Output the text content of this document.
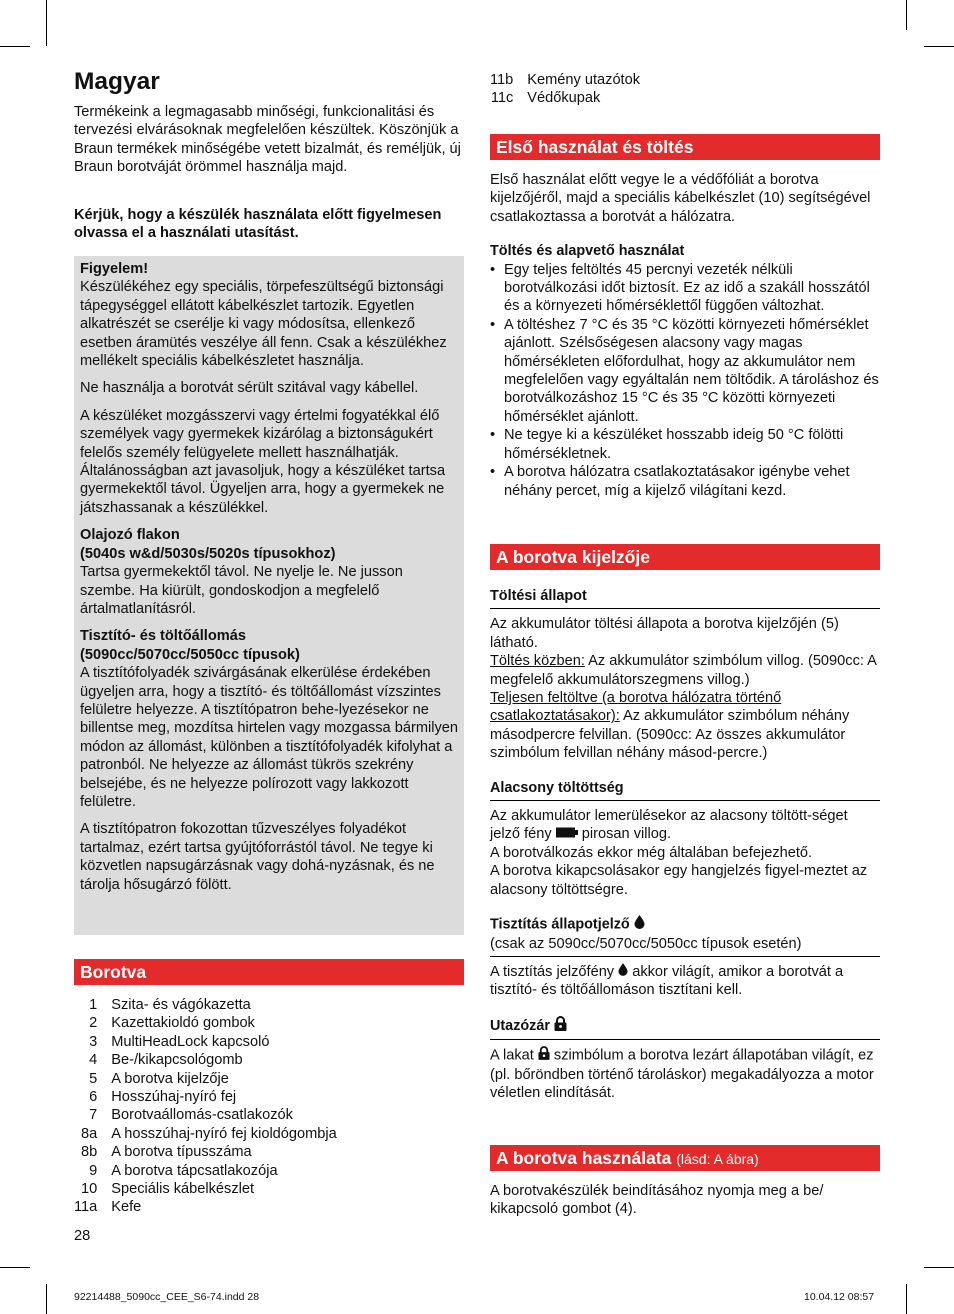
Magyar

Termékeink a legmagasabb minőségi, funkcionalitási és tervezési elvárásoknak megfelelően készültek. Köszönjük a Braun termékek minőségébe vetett bizalmát, és reméljük, új Braun borotváját örömmel használja majd.

Kérjük, hogy a készülék használata előtt figyelmesen olvassa el a használati utasítást.

Figyelem!

Készülékéhez egy speciális, törpefeszültségű biztonsági tápegységgel ellátott kábelkészlet tartozik. Egyetlen alkatrészét se cserélje ki vagy módosítsa, ellenkező esetben áramütés veszélye áll fenn. Csak a készülékhez mellékelt speciális kábelkészletet használja.

Ne használja a borotvát sérült szitával vagy kábellel.

A készüléket mozgásszervi vagy értelmi fogyatékkal élő személyek vagy gyermekek kizárólag a biztonságukért felelős személy felügyelete mellett használhatják. Általánosságban azt javasoljuk, hogy a készüléket tartsa gyermekektől távol. Ügyeljen arra, hogy a gyermekek ne játszhassanak a készülékkel.

Olajozó flakon

(5040s w&d/5030s/5020s típusokhoz)

Tartsa gyermekektől távol. Ne nyelje le. Ne jusson szembe. Ha kiürült, gondoskodjon a megfelelő ártalmatlanításról.

Tisztító- és töltőállomás

(5090cc/5070cc/5050cc típusok)

A tisztítófolyadék szivárgásának elkerülése érdekében ügyeljen arra, hogy a tisztító- és töltőállomást vízszintes felületre helyezze. A tisztítópatron behe-lyezésekor ne billentse meg, mozdítsa hirtelen vagy mozgassa bármilyen módon az állomást, különben a tisztítófolyadék kifolyhat a patronból. Ne helyezze az állomást tükrös szekrény belsejébe, és ne helyezze polírozott vagy lakkozott felületre.

A tisztítópatron fokozottan tűzveszélyes folyadékot tartalmaz, ezért tartsa gyújtóforrástól távol. Ne tegye ki közvetlen napsugárzásnak vagy dohá-nyzásnak, és ne tárolja hősugárzó fölött.

Borotva
1	Szita- és vágókazetta
2	Kazettakioldó gombok
3	MultiHeadLock kapcsoló
4	Be-/kikapcsológomb
5	A borotva kijelzője
6	Hosszúhaj-nyíró fej
7	Borotvaállomás-csatlakozók
8a	A hosszúhaj-nyíró fej kioldógombja
8b	A borotva típusszáma
9	A borotva tápcsatlakozója
10	Speciális kábelkészlet
11a	Kefe
28
11b	Kemény utazótok
11c	Védőkupak
Első használat és töltés

Első használat előtt vegye le a védőfóliát a borotva kijelzőjéről, majd a speciális kábelkészlet (10) segítségével csatlakoztassa a borotvát a hálózatra.

Töltés és alapvető használat

• Egy teljes feltöltés 45 percnyi vezeték nélküli borotválkozási időt biztosít. Ez az idő a szakáll hosszától és a környezeti hőmérséklettől függően változhat.
• A töltéshez 7 °C és 35 °C közötti környezeti hőmérséklet ajánlott. Szélsőségesen alacsony vagy magas hőmérsékleten előfordulhat, hogy az akkumulátor nem megfelelően vagy egyáltalán nem töltődik. A tároláshoz és borotválkozáshoz 15 °C és 35 °C közötti környezeti hőmérséklet ajánlott.
• Ne tegye ki a készüléket hosszabb ideig 50 °C fölötti hőmérsékletnek.
• A borotva hálózatra csatlakoztatásakor igénybe vehet néhány percet, míg a kijelző világítani kezd.
A borotva kijelzője

Töltési állapot

Az akkumulátor töltési állapota a borotva kijelzőjén (5) látható.

Töltés közben: Az akkumulátor szimbólum villog. (5090cc: A megfelelő akkumulátorszegmens villog.)

Teljesen feltöltve (a borotva hálózatra történő
csatlakoztatásakor): Az akkumulátor szimbólum néhány másodpercre felvillan. (5090cc: Az összes akkumulátor szimbólum felvillan néhány másod-percre.)

Alacsony töltöttség

Az akkumulátor lemerülésekor az alacsony töltött-séget jelző fény  pirosan villog.
A borotválkozás ekkor még általában befejezhető.
A borotva kikapcsolásakor egy hangjelzés figyel-meztet az alacsony töltöttségre.

Tisztítás állapotjelző

(csak az 5090cc/5070cc/5050cc típusok esetén)

A tisztítás jelzőfény  akkor világít, amikor a borotvát a tisztító- és töltőállomáson tisztítani kell.

Utazózár

A lakat  szimbólum a borotva lezárt állapotában világít, ez (pl. bőröndben történő tároláskor) megakadályozza a motor véletlen elindítását.

A borotva használata (lásd: A ábra)

A borotvakészülék beindításához nyomja meg a be/ kikapcsoló gombot (4).

92214488_5090cc_CEE_S6-74.indd 28	10.04.12 08:57
